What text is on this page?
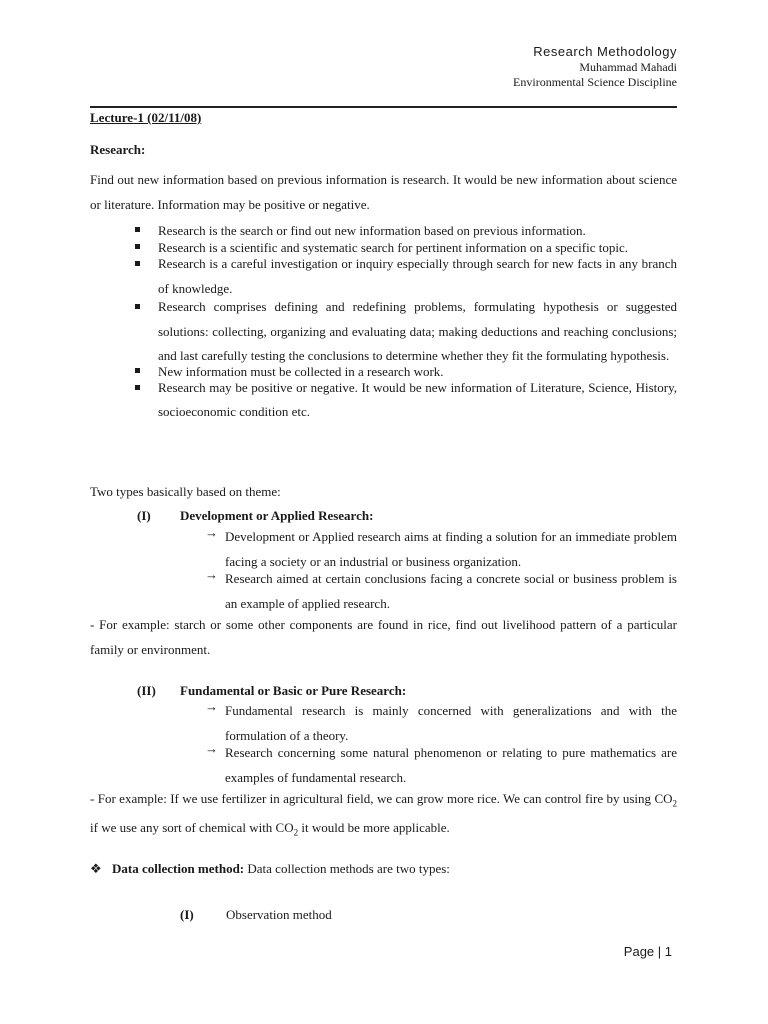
Research Methodology
Muhammad Mahadi
Environmental Science Discipline
Lecture-1 (02/11/08)
Research:
Find out new information based on previous information is research. It would be new information about science or literature. Information may be positive or negative.
Research is the search or find out new information based on previous information.
Research is a scientific and systematic search for pertinent information on a specific topic.
Research is a careful investigation or inquiry especially through search for new facts in any branch of knowledge.
Research comprises defining and redefining problems, formulating hypothesis or suggested solutions: collecting, organizing and evaluating data; making deductions and reaching conclusions; and last carefully testing the conclusions to determine whether they fit the formulating hypothesis.
New information must be collected in a research work.
Research may be positive or negative. It would be new information of Literature, Science, History, socioeconomic condition etc.
Two types basically based on theme:
(I) Development or Applied Research:
→ Development or Applied research aims at finding a solution for an immediate problem facing a society or an industrial or business organization.
→ Research aimed at certain conclusions facing a concrete social or business problem is an example of applied research.
- For example: starch or some other components are found in rice, find out livelihood pattern of a particular family or environment.
(II) Fundamental or Basic or Pure Research:
→ Fundamental research is mainly concerned with generalizations and with the formulation of a theory.
→ Research concerning some natural phenomenon or relating to pure mathematics are examples of fundamental research.
- For example: If we use fertilizer in agricultural field, we can grow more rice. We can control fire by using $CO_2$ if we use any sort of chemical with $CO_2$ it would be more applicable.
❖ Data collection method: Data collection methods are two types:
(I) Observation method
Page | 1
